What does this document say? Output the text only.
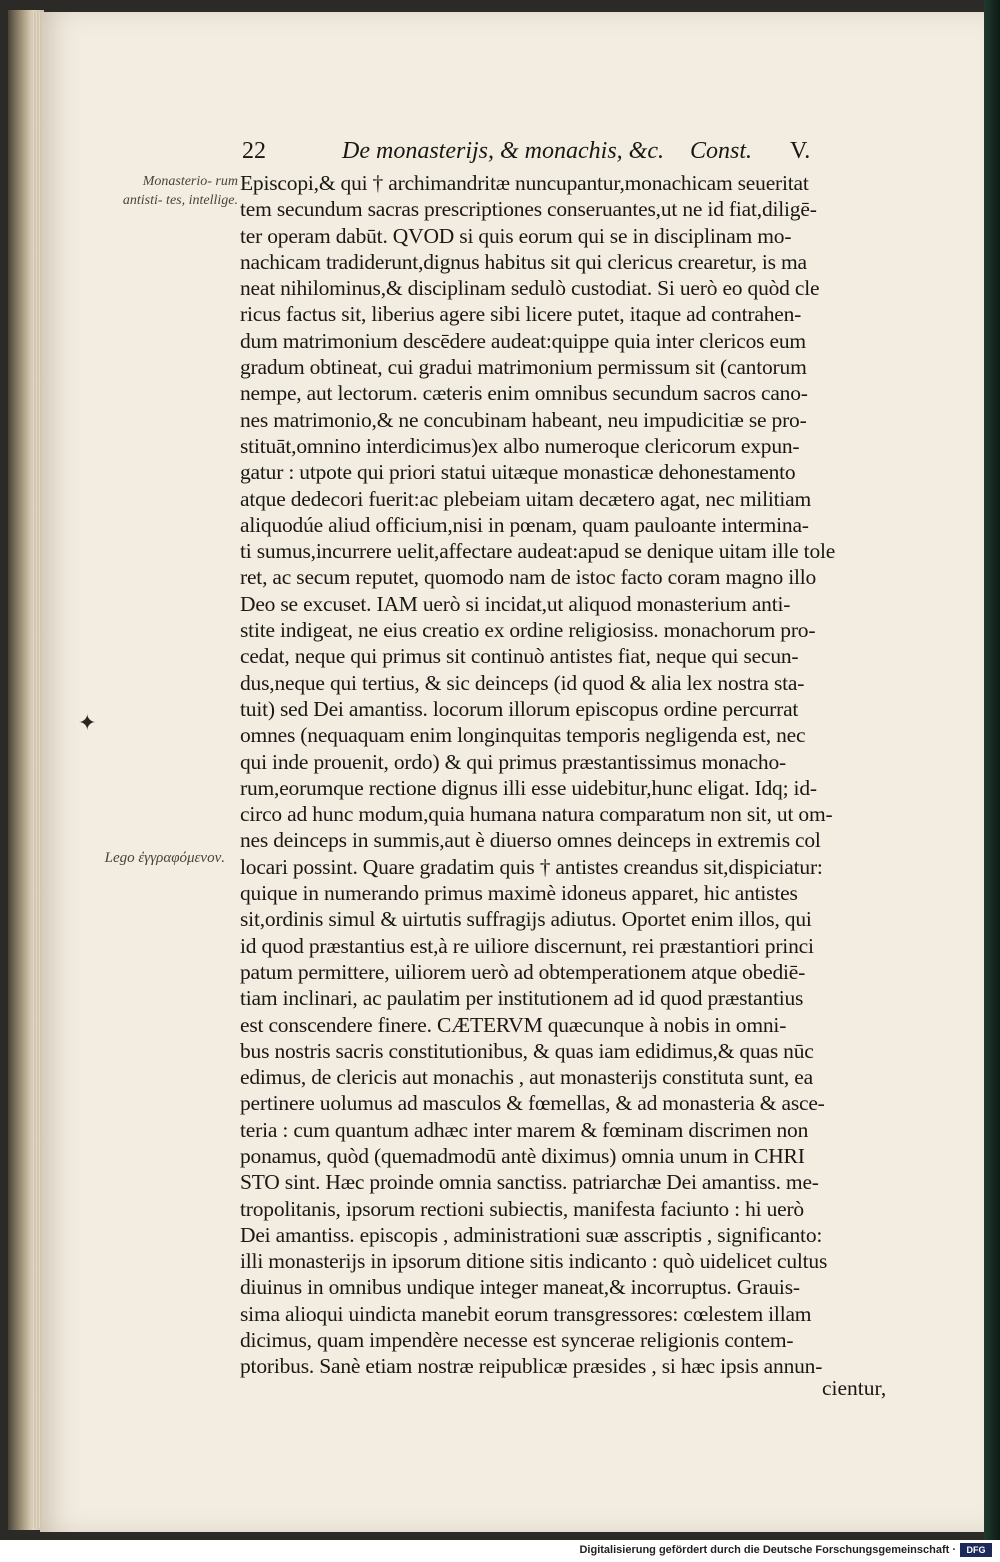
22	De monasterijs, & monachis, &c. Const. V.
Monasterio- rum antisti- tes, intellige.
✦
Lego ἐγγραφόμενον.
Episcopi,& qui † archimandritæ nuncupantur,monachicam seueritat
tem secundum sacras prescriptiones conseruantes,ut ne id fiat,diligē-
ter operam dabūt. QVOD si quis eorum qui se in disciplinam mo-
nachicam tradiderunt,dignus habitus sit qui clericus crearetur, is ma
neat nihilominus,& disciplinam sedulò custodiat. Si uerò eo quòd cle
ricus factus sit, liberius agere sibi licere putet, itaque ad contrahen-
dum matrimonium descēdere audeat:quippe quia inter clericos eum
gradum obtineat, cui gradui matrimonium permissum sit (cantorum
nempe, aut lectorum. cæteris enim omnibus secundum sacros cano-
nes matrimonio,& ne concubinam habeant, neu impudicitiæ se pro-
stituāt,omnino interdicimus)ex albo numeroque clericorum expun-
gatur : utpote qui priori statui uitæque monasticæ dehonestamento
atque dedecori fuerit:ac plebeiam uitam decætero agat, nec militiam
aliquodúe aliud officium,nisi in pœnam, quam pauloante intermina-
ti sumus,incurrere uelit,affectare audeat:apud se denique uitam ille tole
ret, ac secum reputet, quomodo nam de istoc facto coram magno illo
Deo se excuset. IAM uerò si incidat,ut aliquod monasterium anti-
stite indigeat, ne eius creatio ex ordine religiosiss. monachorum pro-
cedat, neque qui primus sit continuò antistes fiat, neque qui secun-
dus,neque qui tertius, & sic deinceps (id quod & alia lex nostra sta-
tuit) sed Dei amantiss. locorum illorum episcopus ordine percurrat
omnes (nequaquam enim longinquitas temporis negligenda est, nec
qui inde prouenit, ordo) & qui primus præstantissimus monacho-
rum,eorumque rectione dignus illi esse uidebitur,hunc eligat. Idq; id-
circo ad hunc modum,quia humana natura comparatum non sit, ut om-
nes deinceps in summis,aut è diuerso omnes deinceps in extremis col
locari possint. Quare gradatim quis † antistes creandus sit,dispiciatur:
quique in numerando primus maximè idoneus apparet, hic antistes
sit,ordinis simul & uirtutis suffragijs adiutus. Oportet enim illos, qui
id quod præstantius est,à re uiliore discernunt, rei præstantiori princi
patum permittere, uiliorem uerò ad obtemperationem atque obediē-
tiam inclinari, ac paulatim per institutionem ad id quod præstantius
est conscendere finere. CÆTERVM quæcunque à nobis in omni-
bus nostris sacris constitutionibus, & quas iam edidimus,& quas nūc
edimus, de clericis aut monachis , aut monasterijs constituta sunt, ea
pertinere uolumus ad masculos & fœmellas, & ad monasteria & asce-
teria : cum quantum adhæc inter marem & fœminam discrimen non
ponamus, quòd (quemadmodū antè diximus) omnia unum in CHRI
STO sint. Hæc proinde omnia sanctiss. patriarchæ Dei amantiss. me-
tropolitanis, ipsorum rectioni subiectis, manifesta faciunto : hi uerò
Dei amantiss. episcopis , administrationi suæ asscriptis , significanto:
illi monasterijs in ipsorum ditione sitis indicanto : quò uidelicet cultus
diuinus in omnibus undique integer maneat,& incorruptus. Grauis-
sima alioqui uindicta manebit eorum transgressores: cœlestem illam
dicimus, quam impendère necesse est syncerae religionis contem-
ptoribus. Sanè etiam nostræ reipublicæ præsides , si hæc ipsis annun-
cientur,
Digitalisierung gefördert durch die Deutsche Forschungsgemeinschaft ·	DFG
